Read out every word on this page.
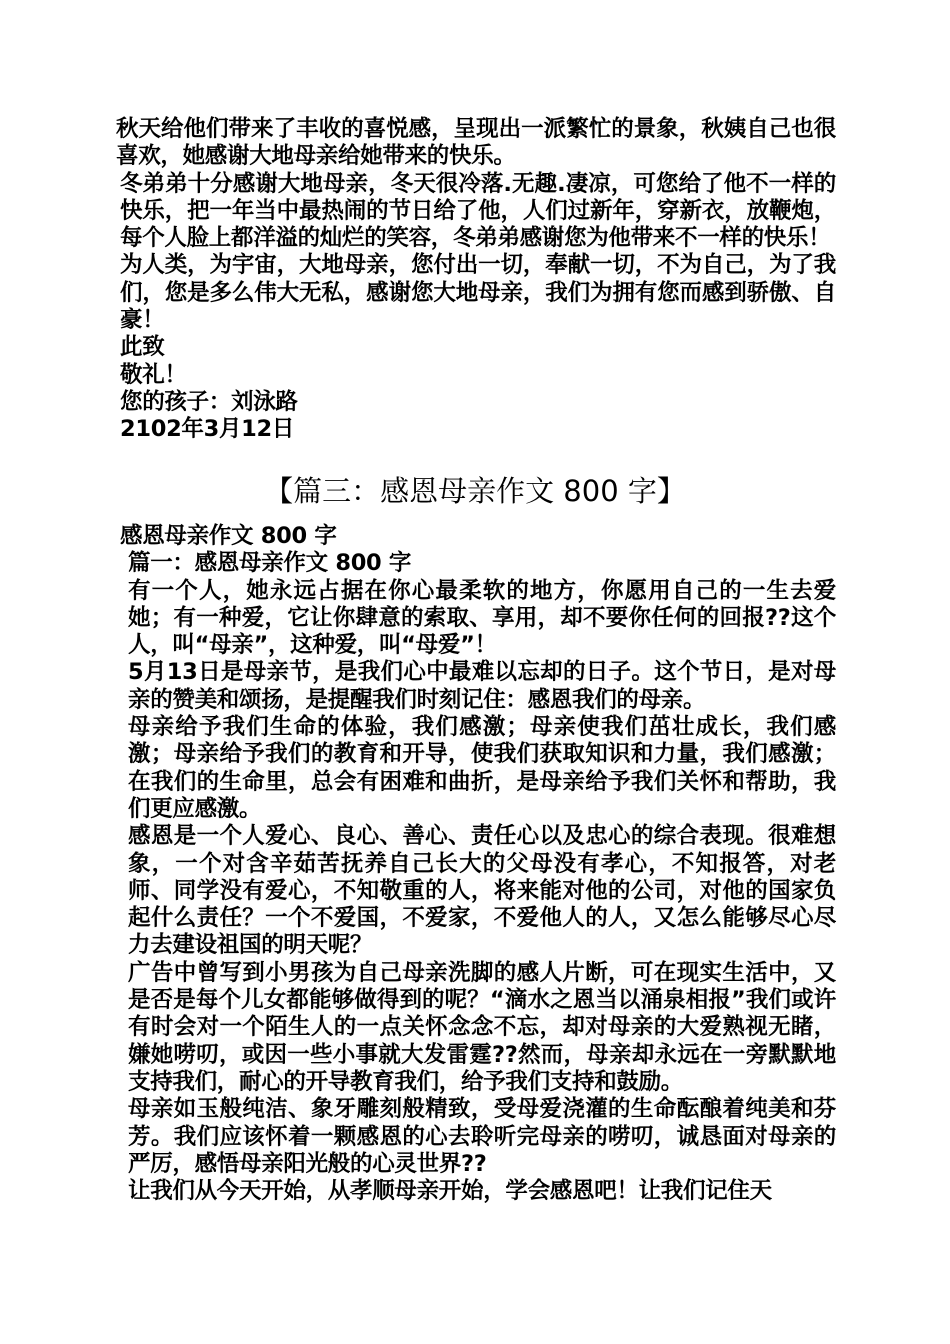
秋天给他们带来了丰收的喜悦感，呈现出一派繁忙的景象，秋姨自己也很喜欢，她感谢大地母亲给她带来的快乐。

冬弟弟十分感谢大地母亲，冬天很冷落.无趣.凄凉，可您给了他不一样的快乐，把一年当中最热闹的节日给了他，人们过新年，穿新衣，放鞭炮，每个人脸上都洋溢的灿烂的笑容，冬弟弟感谢您为他带来不一样的快乐！

为人类，为宇宙，大地母亲，您付出一切，奉献一切，不为自己，为了我们，您是多么伟大无私，感谢您大地母亲，我们为拥有您而感到骄傲、自豪！

此致

敬礼！

您的孩子：刘泳路

2102年3月12日

【篇三：感恩母亲作文 800 字】

感恩母亲作文 800 字

篇一：感恩母亲作文 800 字

有一个人，她永远占据在你心最柔软的地方，你愿用自己的一生去爱她；有一种爱，它让你肆意的索取、享用，却不要你任何的回报??这个人，叫“母亲”，这种爱，叫“母爱”！

5月13日是母亲节，是我们心中最难以忘却的日子。这个节日，是对母亲的赞美和颂扬，是提醒我们时刻记住：感恩我们的母亲。

母亲给予我们生命的体验，我们感激；母亲使我们茁壮成长，我们感激；母亲给予我们的教育和开导，使我们获取知识和力量，我们感激；在我们的生命里，总会有困难和曲折，是母亲给予我们关怀和帮助，我们更应感激。

感恩是一个人爱心、良心、善心、责任心以及忠心的综合表现。很难想象，一个对含辛茹苦抚养自己长大的父母没有孝心，不知报答，对老师、同学没有爱心，不知敬重的人，将来能对他的公司，对他的国家负起什么责任？一个不爱国，不爱家，不爱他人的人，又怎么能够尽心尽力去建设祖国的明天呢？

广告中曾写到小男孩为自己母亲洗脚的感人片断，可在现实生活中，又是否是每个儿女都能够做得到的呢？“滴水之恩当以涌泉相报”我们或许有时会对一个陌生人的一点关怀念念不忘，却对母亲的大爱熟视无睹，嫌她唠叨，或因一些小事就大发雷霆??然而，母亲却永远在一旁默默地支持我们，耐心的开导教育我们，给予我们支持和鼓励。

母亲如玉般纯洁、象牙雕刻般精致，受母爱浇灌的生命酝酿着纯美和芬芳。我们应该怀着一颗感恩的心去聆听完母亲的唠叨，诚恳面对母亲的严厉，感悟母亲阳光般的心灵世界??

让我们从今天开始，从孝顺母亲开始，学会感恩吧！让我们记住天
